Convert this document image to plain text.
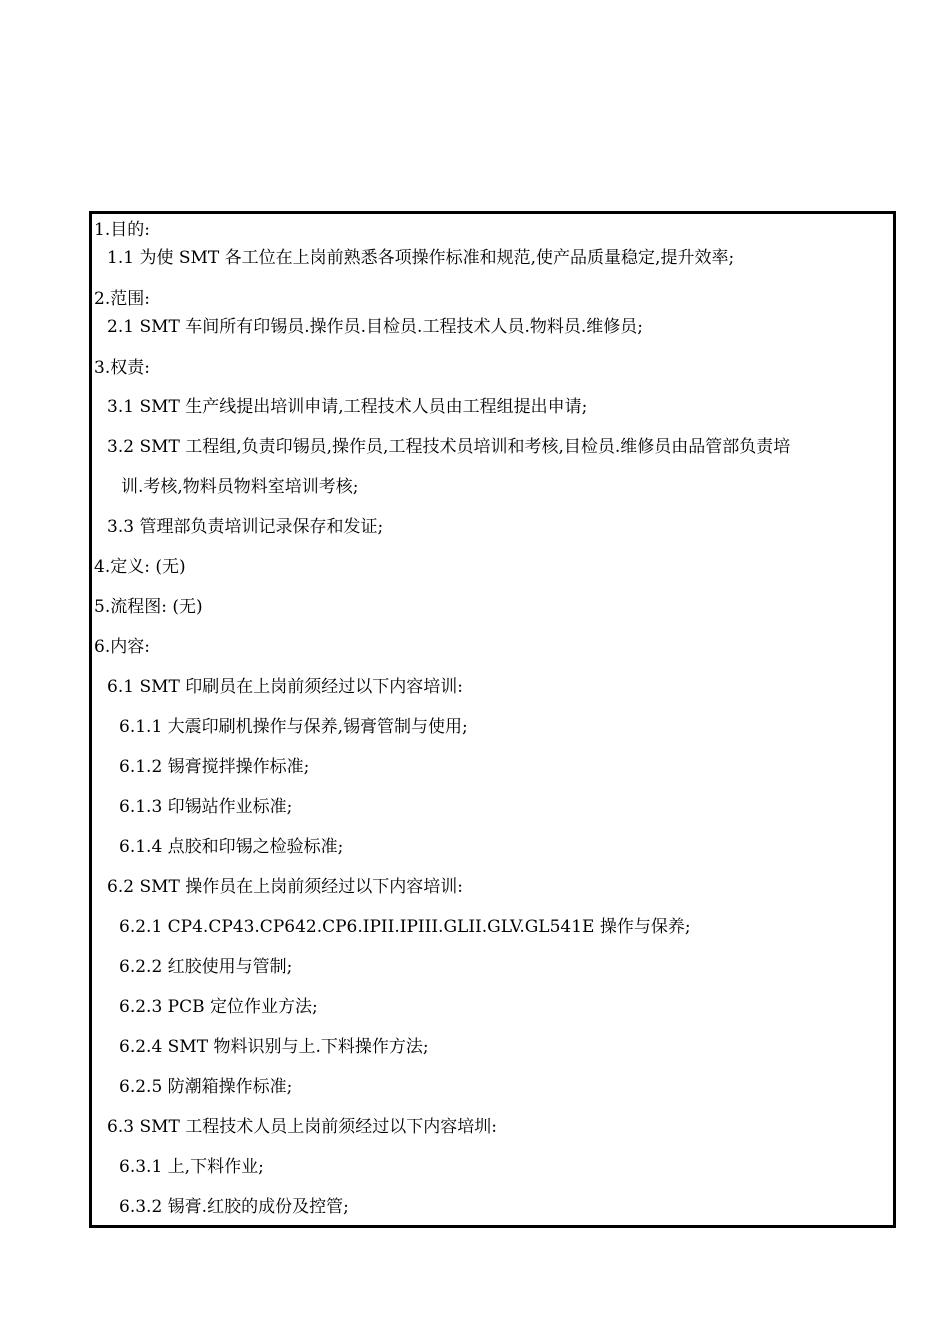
1.目的:
1.1 为使 SMT 各工位在上岗前熟悉各项操作标准和规范,使产品质量稳定,提升效率;
2.范围:
2.1 SMT 车间所有印锡员.操作员.目检员.工程技术人员.物料员.维修员;
3.权责:
3.1 SMT 生产线提出培训申请,工程技术人员由工程组提出申请;
3.2 SMT 工程组,负责印锡员,操作员,工程技术员培训和考核,目检员.维修员由品管部负责培
训.考核,物料员物料室培训考核;
3.3 管理部负责培训记录保存和发证;
4.定义: (无)
5.流程图: (无)
6.内容:
6.1 SMT 印刷员在上岗前须经过以下内容培训:
6.1.1 大震印刷机操作与保养,锡膏管制与使用;
6.1.2 锡膏搅拌操作标准;
6.1.3 印锡站作业标准;
6.1.4 点胶和印锡之检验标准;
6.2 SMT 操作员在上岗前须经过以下内容培训:
6.2.1 CP4.CP43.CP642.CP6.IPII.IPIII.GLII.GLV.GL541E 操作与保养;
6.2.2 红胶使用与管制;
6.2.3 PCB 定位作业方法;
6.2.4 SMT 物料识别与上.下料操作方法;
6.2.5 防潮箱操作标准;
6.3 SMT 工程技术人员上岗前须经过以下内容培圳:
6.3.1 上,下料作业;
6.3.2 锡膏.红胶的成份及控管;
